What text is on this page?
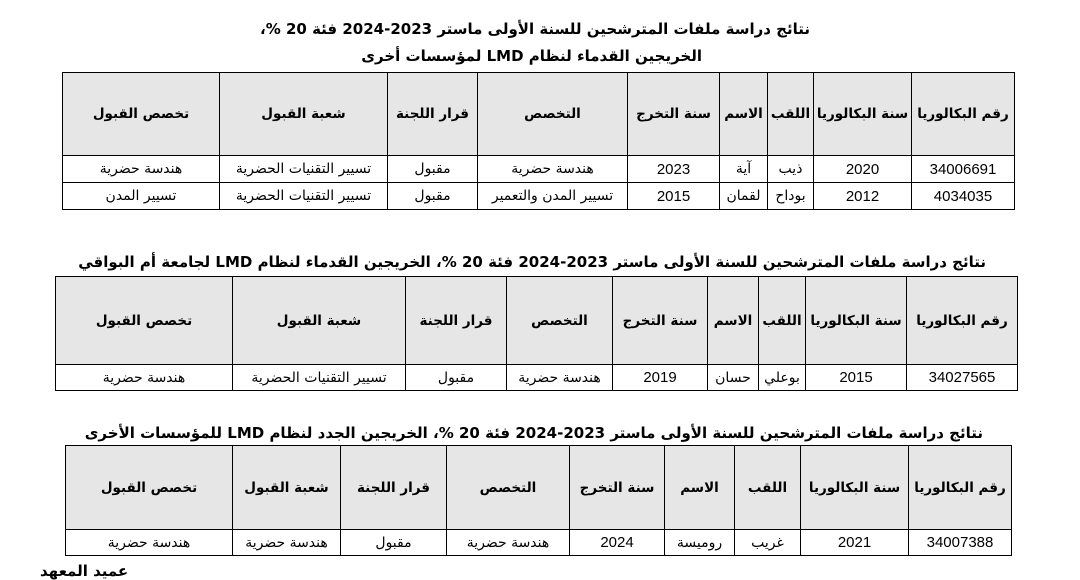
نتائج دراسة ملفات المترشحين للسنة الأولى ماستر 2023-2024 فئة 20 %،
الخريجين القدماء لنظام LMD لمؤسسات أخرى
رقم البكالوريا	سنة البكالوريا	اللقب	الاسم	سنة التخرج	التخصص	قرار اللجنة	شعبة القبول	تخصص القبول
34006691	2020	ذيب	آية	2023	هندسة حضرية	مقبول	تسيير التقنيات الحضرية	هندسة حضرية
4034035	2012	بوداح	لقمان	2015	تسيير المدن والتعمير	مقبول	تسيير التقنيات الحضرية	تسيير المدن
نتائج دراسة ملفات المترشحين للسنة الأولى ماستر 2023-2024 فئة 20 %، الخريجين القدماء لنظام LMD لجامعة أم البواقي
رقم البكالوريا	سنة البكالوريا	اللقب	الاسم	سنة التخرج	التخصص	قرار اللجنة	شعبة القبول	تخصص القبول
34027565	2015	بوعلي	حسان	2019	هندسة حضرية	مقبول	تسيير التقنيات الحضرية	هندسة حضرية
نتائج دراسة ملفات المترشحين للسنة الأولى ماستر 2023-2024 فئة 20 %، الخريجين الجدد لنظام LMD للمؤسسات الأخرى
رقم البكالوريا	سنة البكالوريا	اللقب	الاسم	سنة التخرج	التخصص	قرار اللجنة	شعبة القبول	تخصص القبول
34007388	2021	غريب	روميسة	2024	هندسة حضرية	مقبول	هندسة حضرية	هندسة حضرية
عميد المعهد
